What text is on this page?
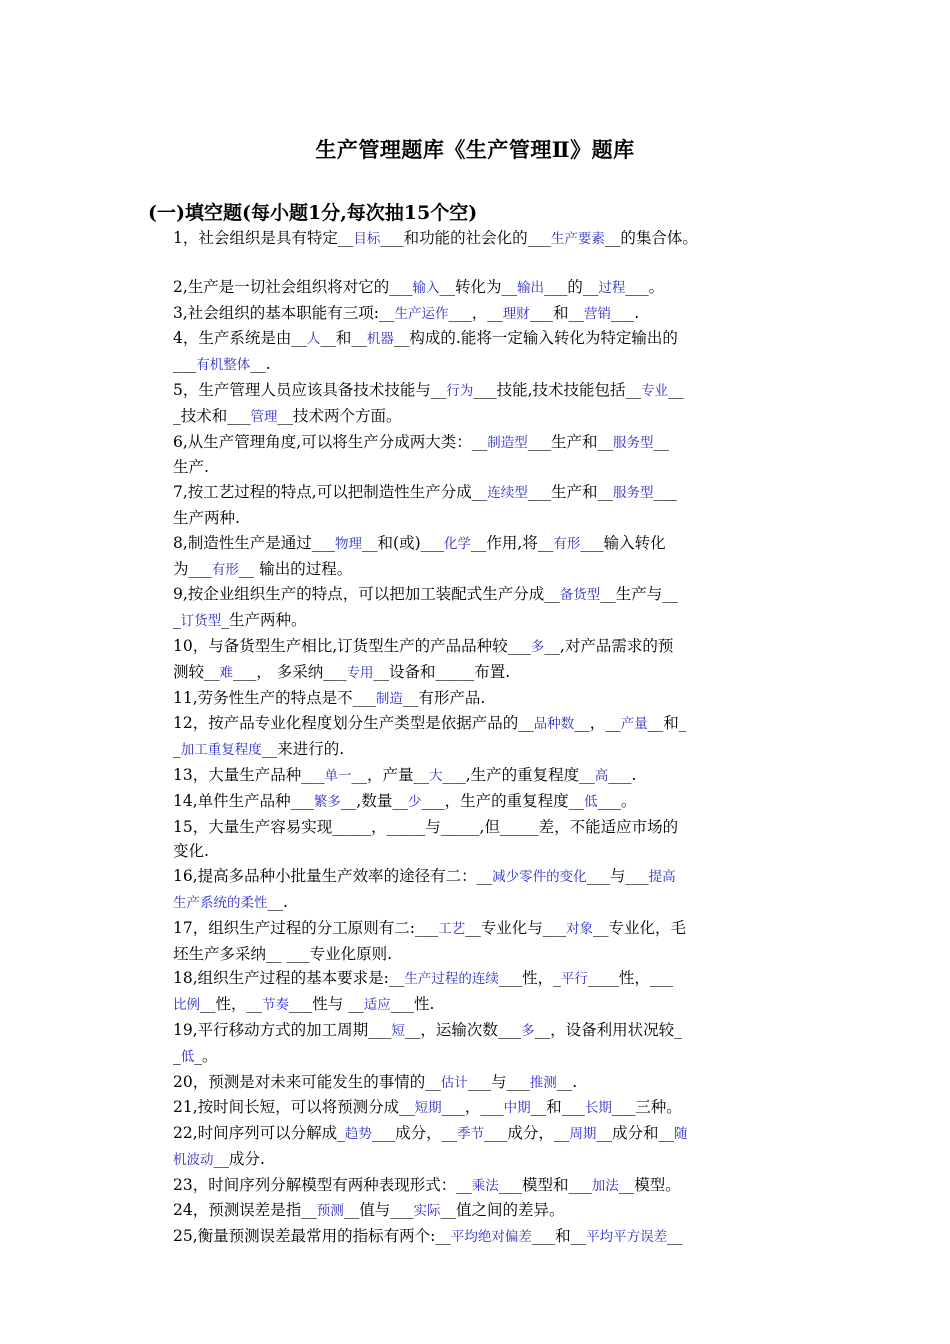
生产管理题库《生产管理Ⅱ》题库
(一)填空题(每小题1分,每次抽15个空)
1，社会组织是具有特定__目标___和功能的社会化的___生产要素__的集合体。
2,生产是一切社会组织将对它的___输入__转化为__输出___的__过程___。
3,社会组织的基本职能有三项:__生产运作___，__理财___和__营销___.
4，生产系统是由__人__和__机器__构成的.能将一定输入转化为特定输出的
___有机整体__.
5，生产管理人员应该具备技术技能与__行为___技能,技术技能包括__专业__
_技术和___管理__技术两个方面。
6,从生产管理角度,可以将生产分成两大类：__制造型___生产和__服务型__
生产.
7,按工艺过程的特点,可以把制造性生产分成__连续型___生产和__服务型___
生产两种.
8,制造性生产是通过___物理__和(或)___化学__作用,将__有形___输入转化
为___有形__ 输出的过程。
9,按企业组织生产的特点，可以把加工装配式生产分成__备货型__生产与__
_订货型_生产两种。
10，与备货型生产相比,订货型生产的产品品种较___多__,对产品需求的预
测较__难___， 多采纳___专用__设备和_____布置.
11,劳务性生产的特点是不___制造__有形产品.
12，按产品专业化程度划分生产类型是依据产品的__品种数__，__产量__和_
_加工重复程度__来进行的.
13，大量生产品种___单一__，产量__大___,生产的重复程度__高___.
14,单件生产品种___繁多__,数量__少___，生产的重复程度__低___。
15，大量生产容易实现_____，_____与_____,但_____差，不能适应市场的
变化.
16,提高多品种小批量生产效率的途径有二：__减少零件的变化___与___提高
生产系统的柔性__.
17，组织生产过程的分工原则有二:___工艺__专业化与___对象__专业化，毛
坯生产多采纳__ ___专业化原则.
18,组织生产过程的基本要求是:__生产过程的连续___性，_平行____性，___
比例__性，__节奏___性与 __适应___性.
19,平行移动方式的加工周期___短__，运输次数___多__，设备利用状况较_
_低_。
20，预测是对未来可能发生的事情的__估计___与___推测__.
21,按时间长短，可以将预测分成__短期___，___中期__和___长期___三种。
22,时间序列可以分解成_趋势___成分，__季节___成分，__周期__成分和__随
机波动__成分.
23，时间序列分解模型有两种表现形式：__乘法___模型和___加法__模型。
24，预测误差是指__预测__值与___实际__值之间的差异。
25,衡量预测误差最常用的指标有两个:__平均绝对偏差___和__平均平方误差__
